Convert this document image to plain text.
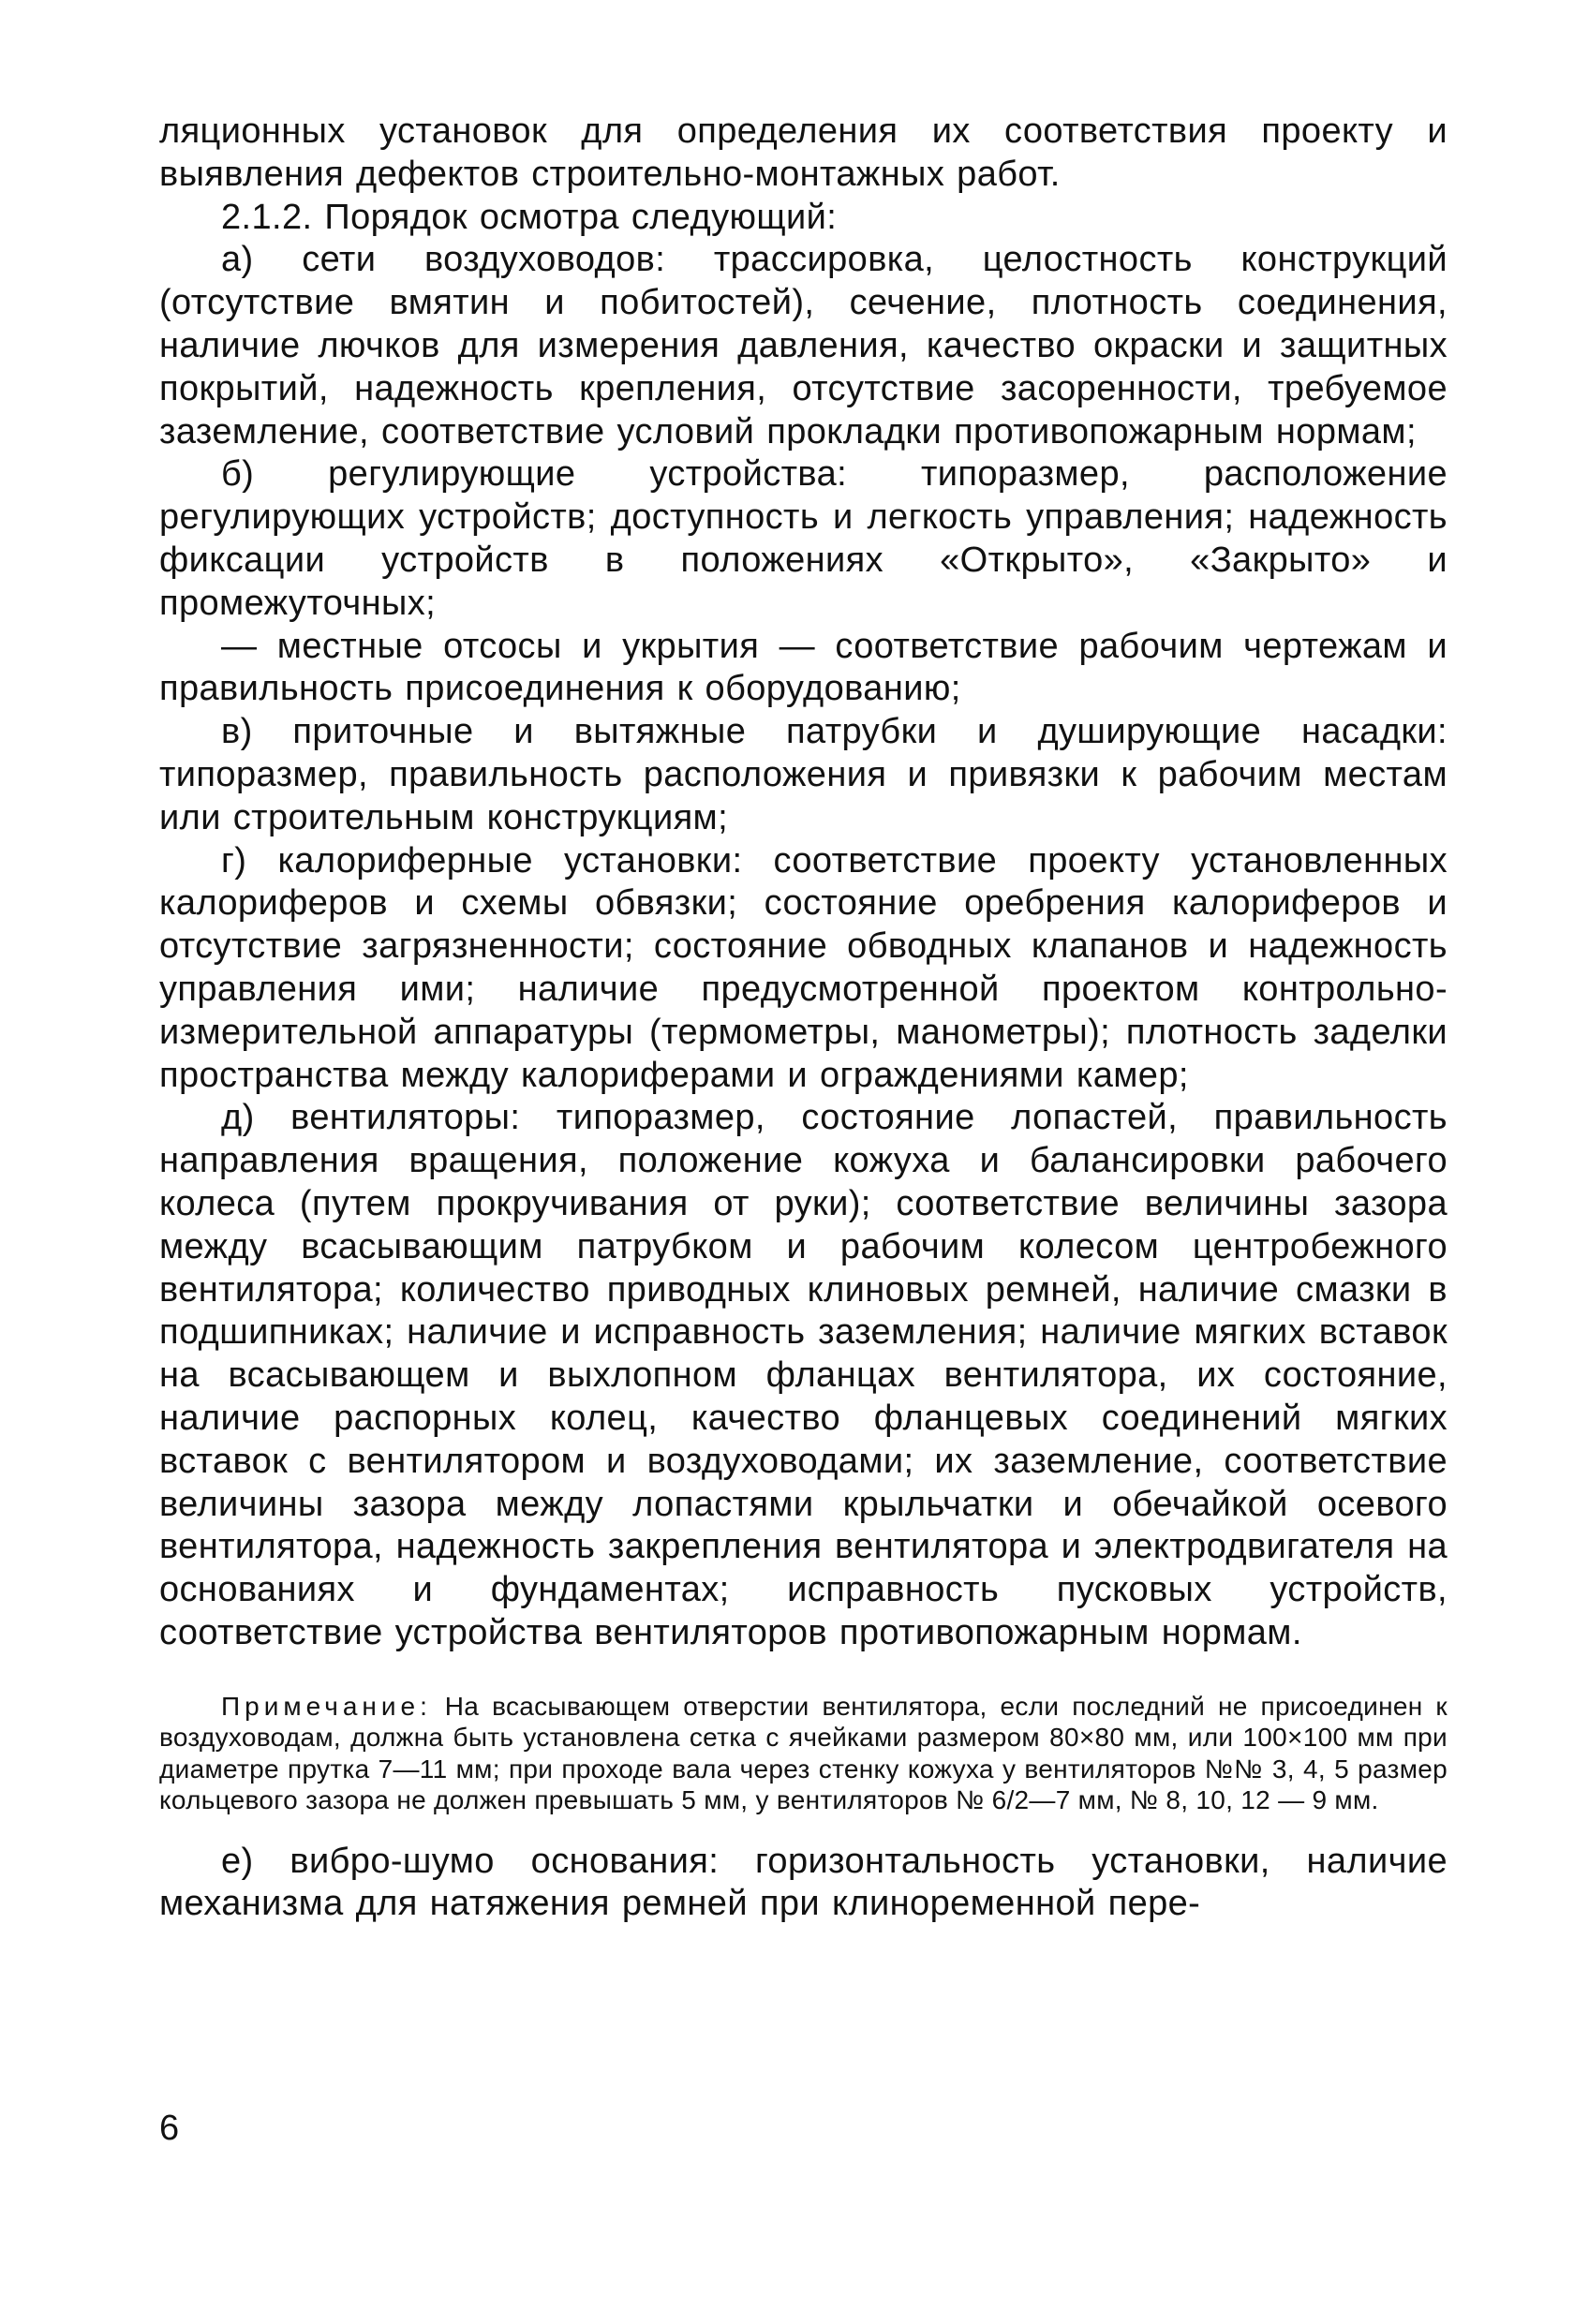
ляционных установок для определения их соответствия проекту и выявления дефектов строительно-монтажных работ.

2.1.2. Порядок осмотра следующий:

а) сети воздуховодов: трассировка, целостность конструкций (отсутствие вмятин и побитостей), сечение, плотность соединения, наличие лючков для измерения давления, качество окраски и защитных покрытий, надежность крепления, отсутствие засоренности, требуемое заземление, соответствие условий прокладки противопожарным нормам;

б) регулирующие устройства: типоразмер, расположение регулирующих устройств; доступность и легкость управления; надежность фиксации устройств в положениях «Открыто», «Закрыто» и промежуточных;

— местные отсосы и укрытия — соответствие рабочим чертежам и правильность присоединения к оборудованию;

в) приточные и вытяжные патрубки и душирующие насадки: типоразмер, правильность расположения и привязки к рабочим местам или строительным конструкциям;

г) калориферные установки: соответствие проекту установленных калориферов и схемы обвязки; состояние оребрения калориферов и отсутствие загрязненности; состояние обводных клапанов и надежность управления ими; наличие предусмотренной проектом контрольно-измерительной аппаратуры (термометры, манометры); плотность заделки пространства между калориферами и ограждениями камер;

д) вентиляторы: типоразмер, состояние лопастей, правильность направления вращения, положение кожуха и балансировки рабочего колеса (путем прокручивания от руки); соответствие величины зазора между всасывающим патрубком и рабочим колесом центробежного вентилятора; количество приводных клиновых ремней, наличие смазки в подшипниках; наличие и исправность заземления; наличие мягких вставок на всасывающем и выхлопном фланцах вентилятора, их состояние, наличие распорных колец, качество фланцевых соединений мягких вставок с вентилятором и воздуховодами; их заземление, соответствие величины зазора между лопастями крыльчатки и обечайкой осевого вентилятора, надежность закрепления вентилятора и электродвигателя на основаниях и фундаментах; исправность пусковых устройств, соответствие устройства вентиляторов противопожарным нормам.

Примечание: На всасывающем отверстии вентилятора, если последний не присоединен к воздуховодам, должна быть установлена сетка с ячейками размером 80×80 мм, или 100×100 мм при диаметре прутка 7—11 мм; при проходе вала через стенку кожуха у вентиляторов №№ 3, 4, 5 размер кольцевого зазора не должен превышать 5 мм, у вентиляторов № 6/2—7 мм, № 8, 10, 12 — 9 мм.

е) вибро-шумо основания: горизонтальность установки, наличие механизма для натяжения ремней при клиноременной пере-

6
